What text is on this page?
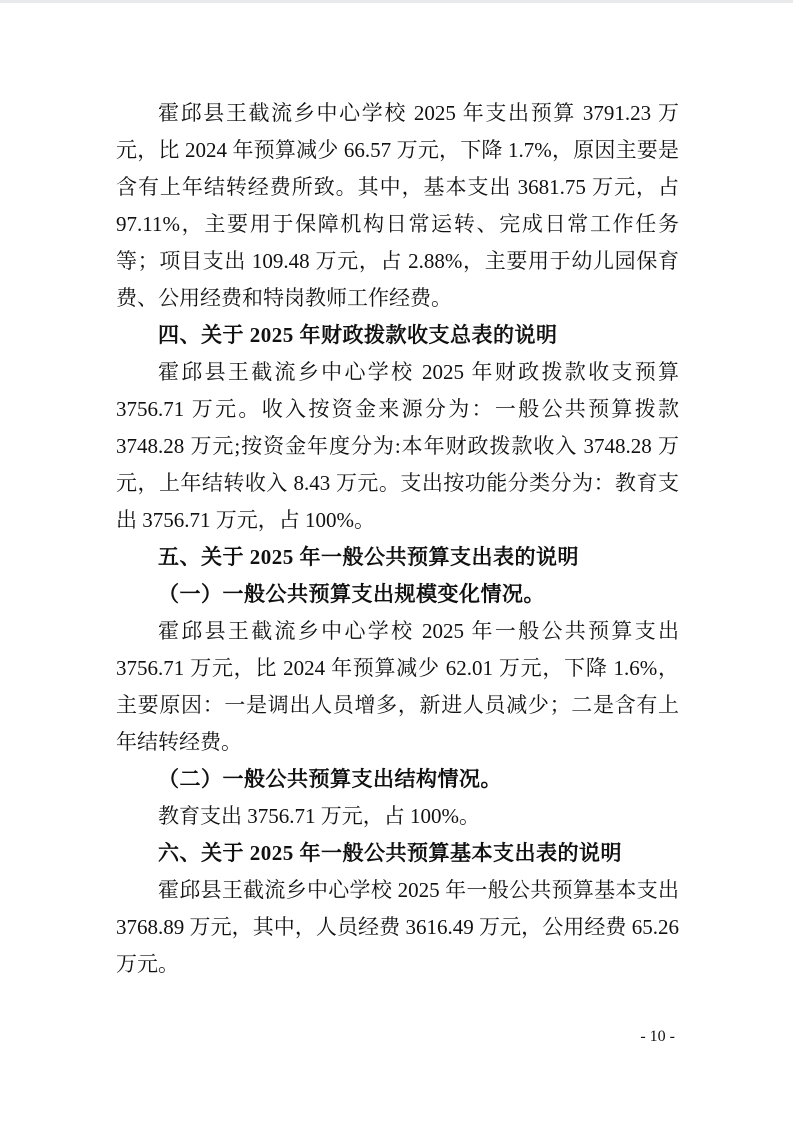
霍邱县王截流乡中心学校 2025 年支出预算 3791.23 万元，比 2024 年预算减少 66.57 万元，下降 1.7%，原因主要是含有上年结转经费所致。其中，基本支出 3681.75 万元，占 97.11%，主要用于保障机构日常运转、完成日常工作任务等；项目支出 109.48 万元，占 2.88%，主要用于幼儿园保育费、公用经费和特岗教师工作经费。

四、关于 2025 年财政拨款收支总表的说明

霍邱县王截流乡中心学校 2025 年财政拨款收支预算 3756.71 万元。收入按资金来源分为：一般公共预算拨款 3748.28 万元;按资金年度分为:本年财政拨款收入 3748.28 万元，上年结转收入 8.43 万元。支出按功能分类分为：教育支出 3756.71 万元，占 100%。

五、关于 2025 年一般公共预算支出表的说明

（一）一般公共预算支出规模变化情况。

霍邱县王截流乡中心学校 2025 年一般公共预算支出 3756.71 万元，比 2024 年预算减少 62.01 万元，下降 1.6%，主要原因：一是调出人员增多，新进人员减少；二是含有上年结转经费。

（二）一般公共预算支出结构情况。

教育支出 3756.71 万元，占 100%。

六、关于 2025 年一般公共预算基本支出表的说明

霍邱县王截流乡中心学校 2025 年一般公共预算基本支出 3768.89 万元，其中，人员经费 3616.49 万元，公用经费 65.26 万元。

- 10 -
